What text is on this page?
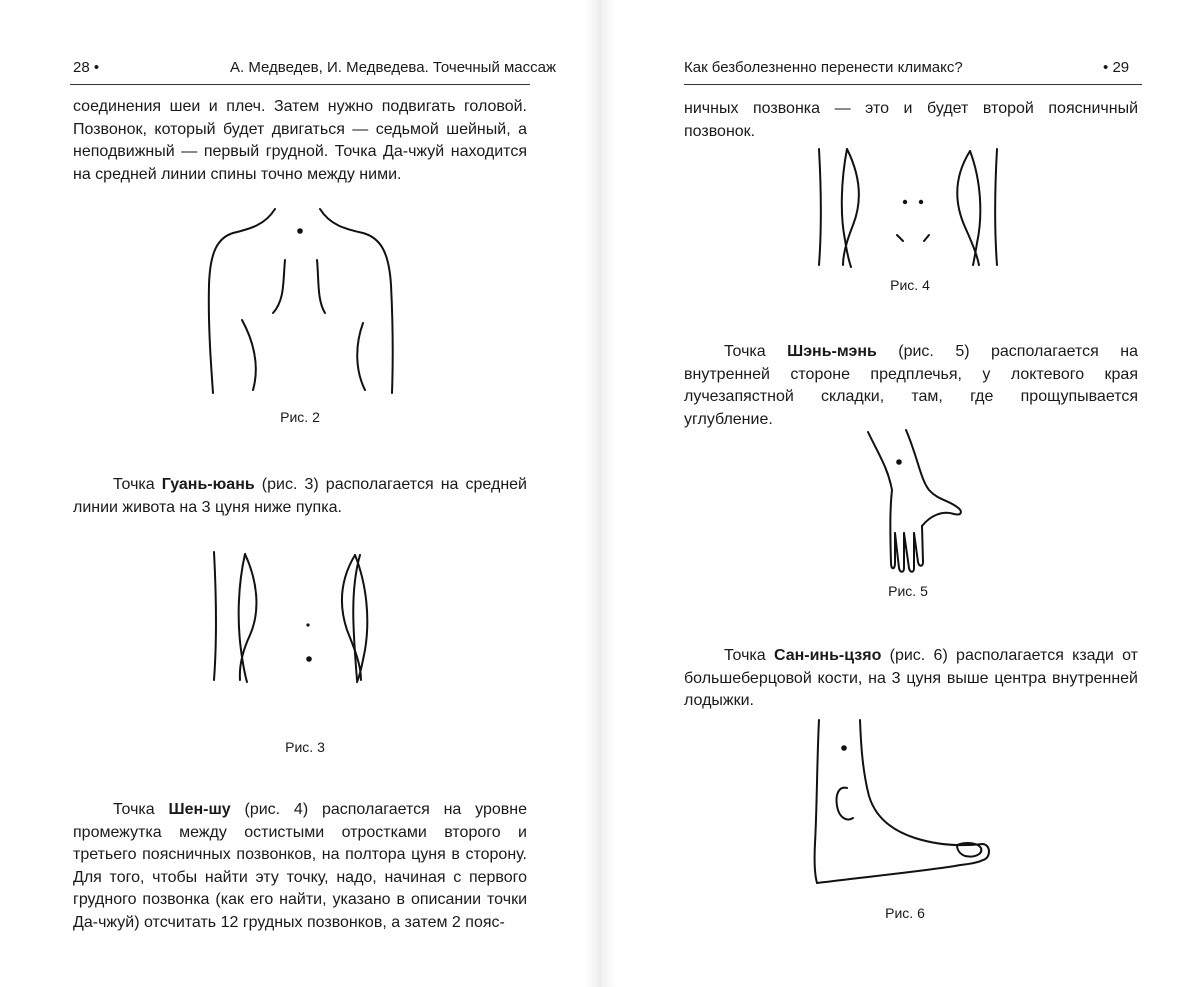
28 •	А. Медведев, И. Медведева. Точечный массаж

соединения шеи и плеч. Затем нужно подвигать головой. Позвонок, который будет двигаться — седьмой шейный, а неподвижный — первый грудной. Точка Да-чжуй находится на средней линии спины точно между ними.

Рис. 2

Точка Гуань-юань (рис. 3) располагается на средней линии живота на 3 цуня ниже пупка.

Рис. 3

Точка Шен-шу (рис. 4) располагается на уровне промежутка между остистыми отростками второго и третьего поясничных позвонков, на полтора цуня в сторону. Для того, чтобы найти эту точку, надо, начиная с первого грудного позвонка (как его найти, указано в описании точки Да-чжуй) отсчитать 12 грудных позвонков, а затем 2 пояс-

Как безболезненно перенести климакс?	• 29

ничных позвонка — это и будет второй поясничный позвонок.

Рис. 4

Точка Шэнь-мэнь (рис. 5) располагается на внутренней стороне предплечья, у локтевого края лучезапястной складки, там, где прощупывается углубление.

Рис. 5

Точка Сан-инь-цзяо (рис. 6) располагается кзади от большеберцовой кости, на 3 цуня выше центра внутренней лодыжки.

Рис. 6
